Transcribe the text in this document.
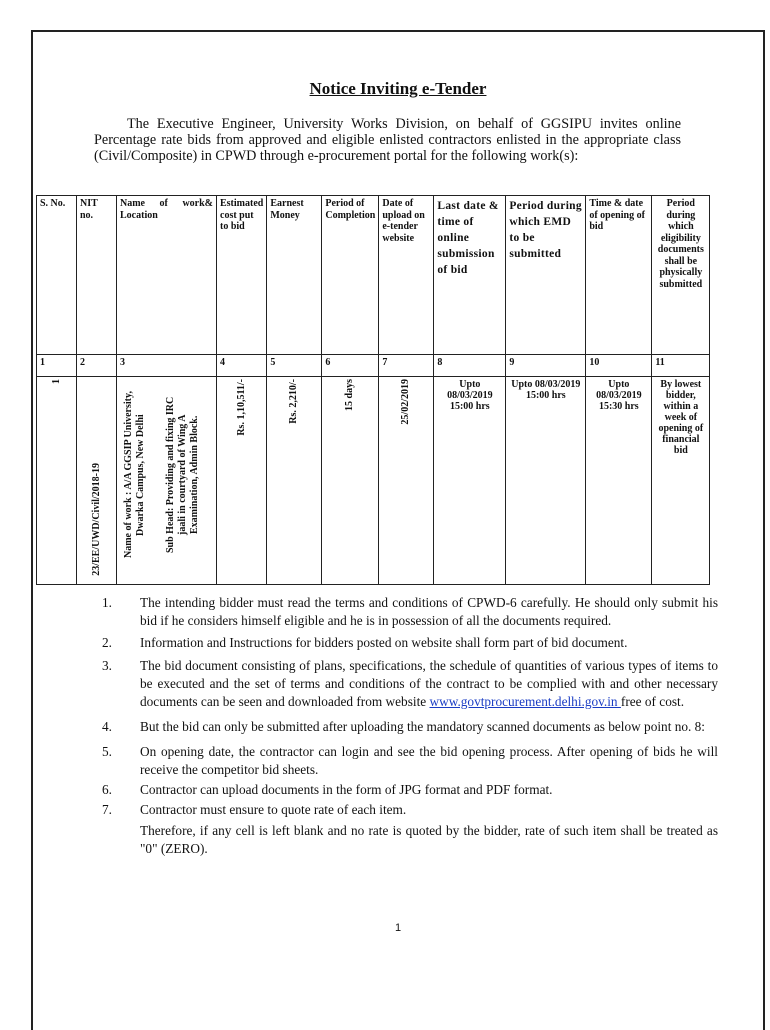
Notice Inviting e-Tender
The Executive Engineer, University Works Division, on behalf of GGSIPU invites online Percentage rate bids from approved and eligible enlisted contractors enlisted in the appropriate class (Civil/Composite) in CPWD through e-procurement portal for the following work(s):
S. No.	NIT no.	Name of work& Location	Estimated cost put to bid	Earnest Money	Period of Completion	Date of upload on e-tender website	Last date & time of online submission of bid	Period during which EMD to be submitted	Time & date of opening of bid	Period during which eligibility documents shall be physically submitted
1	2	3	4	5	6	7	8	9	10	11

1	23/EE/UWD/Civil/2018-19	Name of work : A/A GGSIP University, Dwarka Campus, New Delhi Sub Head: Providing and fixing IRC jaali in courtyard of Wing A Examination, Admin Block.	Rs. 1,10,511/-	Rs. 2,210/-	15 days	25/02/2019	Upto 08/03/2019 15:00 hrs	Upto 08/03/2019 15:00 hrs	Upto 08/03/2019 15:30 hrs	By lowest bidder, within a week of opening of financial bid
1. The intending bidder must read the terms and conditions of CPWD-6 carefully. He should only submit his bid if he considers himself eligible and he is in possession of all the documents required.
2. Information and Instructions for bidders posted on website shall form part of bid document.
3. The bid document consisting of plans, specifications, the schedule of quantities of various types of items to be executed and the set of terms and conditions of the contract to be complied with and other necessary documents can be seen and downloaded from website www.govtprocurement.delhi.gov.in free of cost.
4. But the bid can only be submitted after uploading the mandatory scanned documents as below point no. 8:
5. On opening date, the contractor can login and see the bid opening process. After opening of bids he will receive the competitor bid sheets.
6. Contractor can upload documents in the form of JPG format and PDF format.
7. Contractor must ensure to quote rate of each item.
Therefore, if any cell is left blank and no rate is quoted by the bidder, rate of such item shall be treated as "0" (ZERO).
1
